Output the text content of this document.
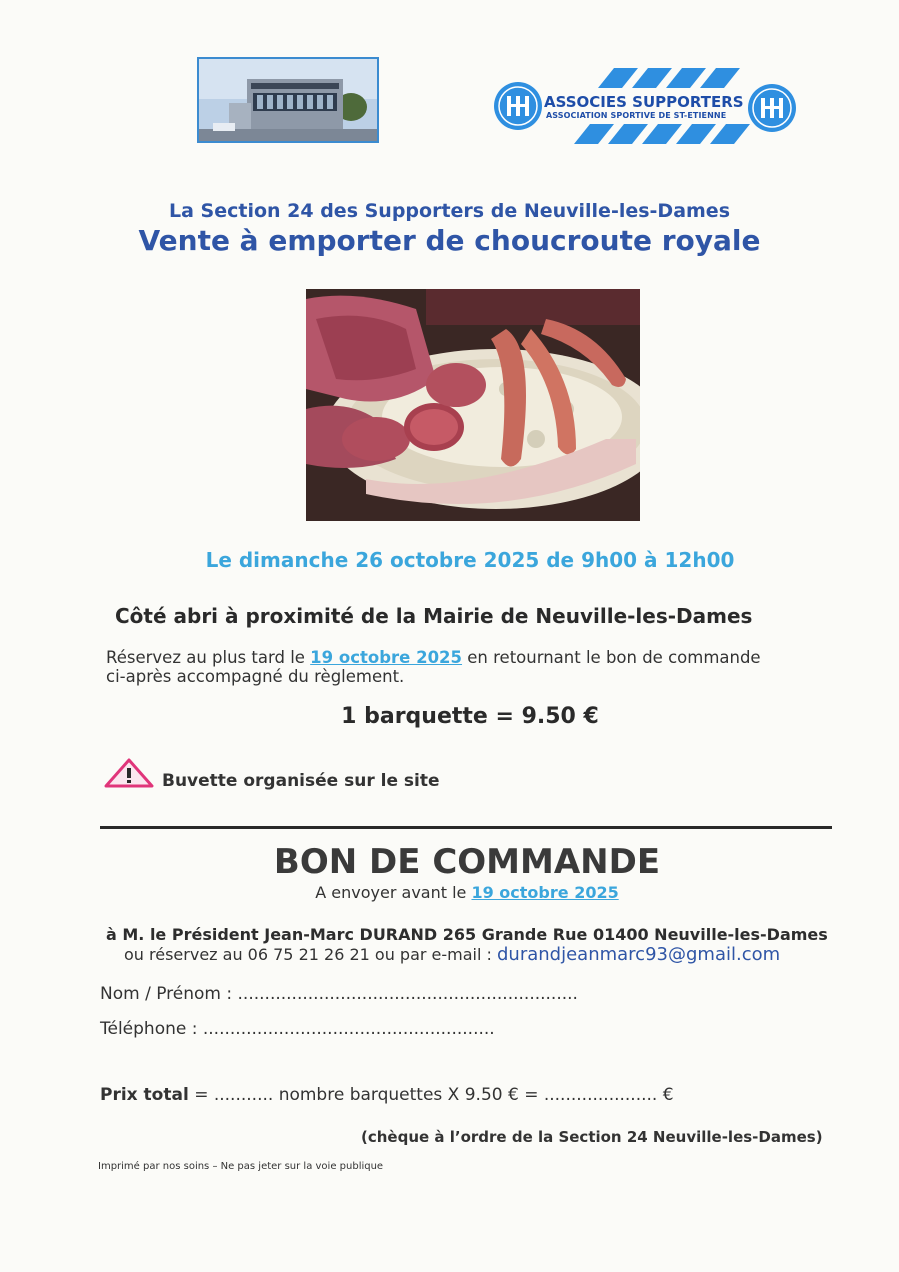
ASSOCIES SUPPORTERS
ASSOCIATION SPORTIVE DE ST-ETIENNE
La Section 24 des Supporters de Neuville-les-Dames
Vente à emporter de choucroute royale
Le dimanche 26 octobre 2025 de 9h00 à 12h00
Côté abri à proximité de la Mairie de Neuville-les-Dames
Réservez au plus tard le 19 octobre 2025 en retournant le bon de commande
ci-après accompagné du règlement.
1 barquette = 9.50 €
Buvette organisée sur le site
BON DE COMMANDE
A envoyer avant le 19 octobre 2025
à M. le Président Jean-Marc DURAND 265 Grande Rue 01400 Neuville-les-Dames
ou réservez au 06 75 21 26 21 ou par e-mail : durandjeanmarc93@gmail.com
Nom / Prénom : ...............................................................
Téléphone : ......................................................
Prix total = ........... nombre barquettes X 9.50 € = ..................... €
(chèque à l’ordre de la Section 24 Neuville-les-Dames)
Imprimé par nos soins – Ne pas jeter sur la voie publique
